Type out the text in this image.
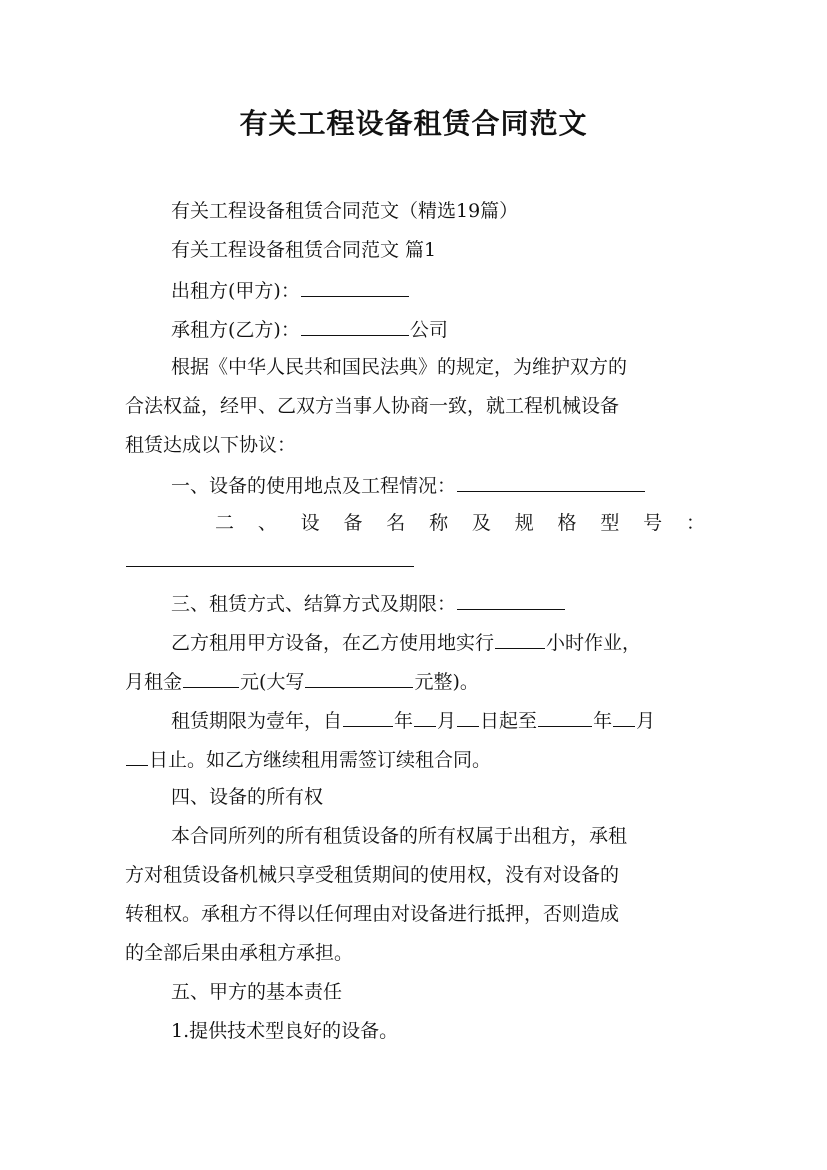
有关工程设备租赁合同范文

有关工程设备租赁合同范文（精选19篇）

有关工程设备租赁合同范文 篇1

出租方(甲方)：

承租方(乙方)：	公司

根据《中华人民共和国民法典》的规定，为维护双方的

合法权益，经甲、乙双方当事人协商一致，就工程机械设备

租赁达成以下协议：

一、设备的使用地点及工程情况：

二 、 设 备 名 称 及 规 格 型 号 ：

三、租赁方式、结算方式及期限：

乙方租用甲方设备，在乙方使用地实行	小时作业，

月租金	元(大写	元整)。

租赁期限为壹年，自	年 月 日起至	年 月

日止。如乙方继续租用需签订续租合同。

四、设备的所有权

本合同所列的所有租赁设备的所有权属于出租方，承租

方对租赁设备机械只享受租赁期间的使用权，没有对设备的

转租权。承租方不得以任何理由对设备进行抵押，否则造成

的全部后果由承租方承担。

五、甲方的基本责任

1.提供技术型良好的设备。
